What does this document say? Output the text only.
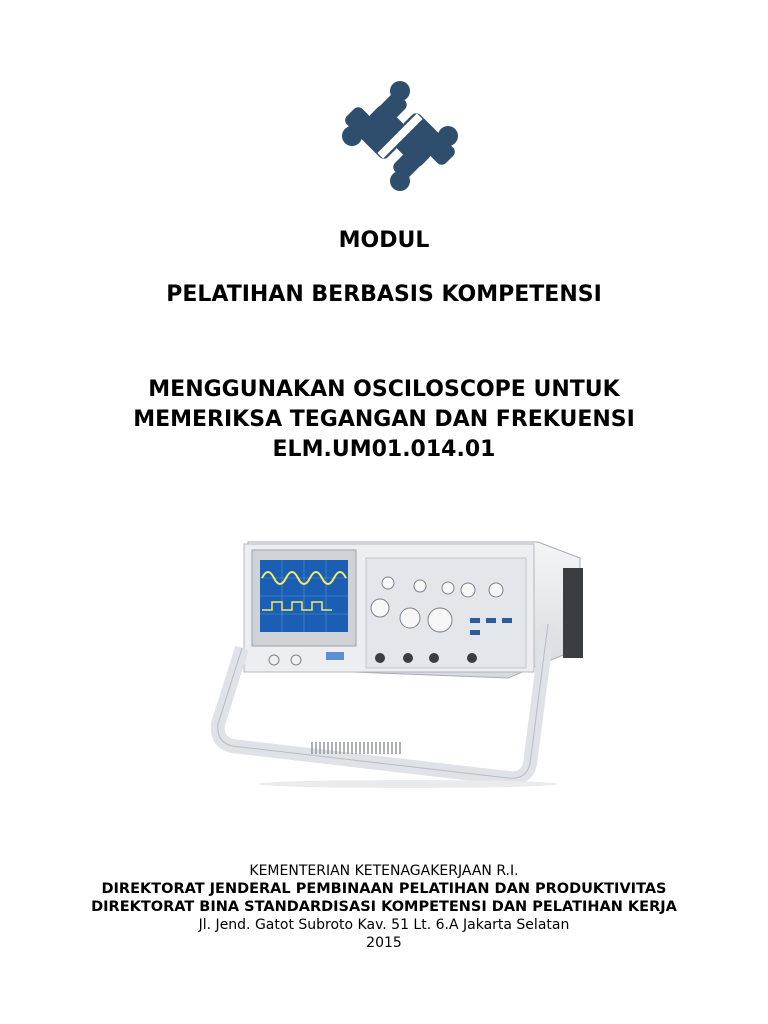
MODUL
PELATIHAN BERBASIS KOMPETENSI
MENGGUNAKAN OSCILOSCOPE UNTUK
MEMERIKSA TEGANGAN DAN FREKUENSI
ELM.UM01.014.01
KEMENTERIAN KETENAGAKERJAAN R.I.
DIREKTORAT JENDERAL PEMBINAAN PELATIHAN DAN PRODUKTIVITAS
DIREKTORAT BINA STANDARDISASI KOMPETENSI DAN PELATIHAN KERJA
Jl. Jend. Gatot Subroto Kav. 51 Lt. 6.A Jakarta Selatan
2015
